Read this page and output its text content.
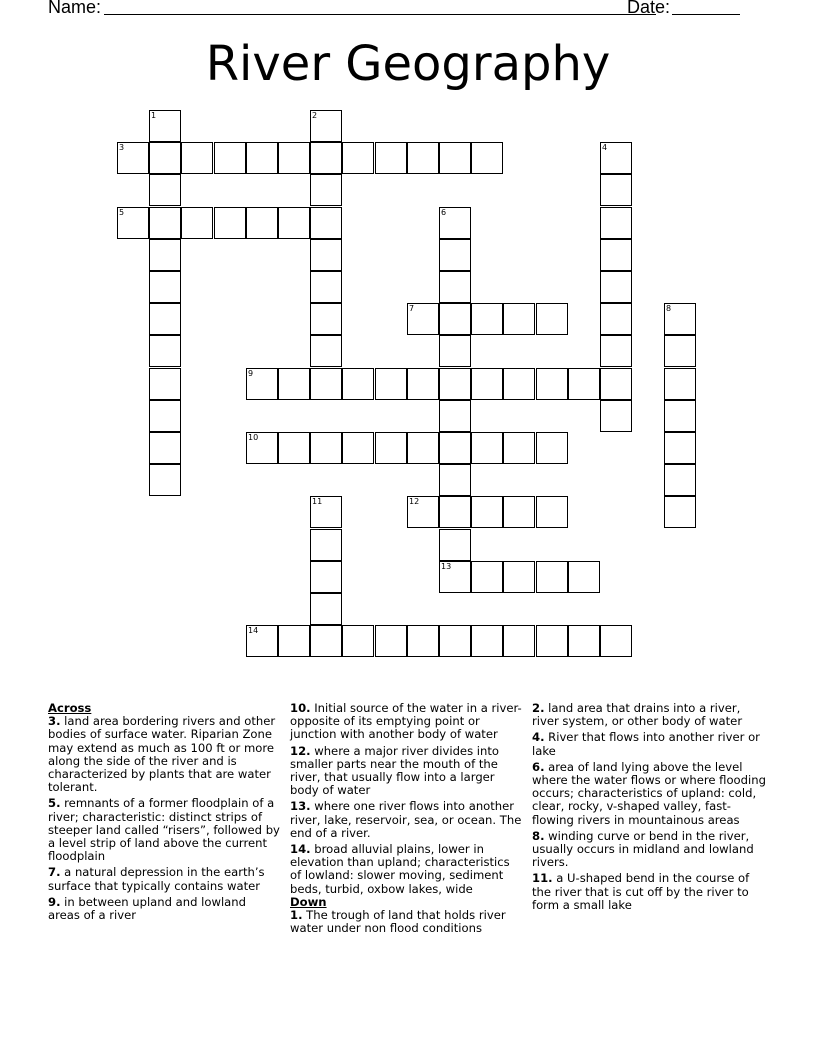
Name:	Date:
River Geography
1	2
3	4
5	6
7	8
9
10
11	12
13
14

Across

3. land area bordering rivers and other bodies of surface water. Riparian Zone may extend as much as 100 ft or more along the side of the river and is characterized by plants that are water tolerant.

5. remnants of a former floodplain of a river; characteristic: distinct strips of steeper land called “risers”, followed by a level strip of land above the current floodplain

7. a natural depression in the earth’s surface that typically contains water

9. in between upland and lowland areas of a river

10. Initial source of the water in a river- opposite of its emptying point or junction with another body of water

12. where a major river divides into smaller parts near the mouth of the river, that usually flow into a larger body of water

13. where one river flows into another river, lake, reservoir, sea, or ocean. The end of a river.

14. broad alluvial plains, lower in elevation than upland; characteristics of lowland: slower moving, sediment beds, turbid, oxbow lakes, wide

Down

1. The trough of land that holds river water under non flood conditions

2. land area that drains into a river, river system, or other body of water

4. River that flows into another river or lake

6. area of land lying above the level where the water flows or where flooding occurs; characteristics of upland: cold, clear, rocky, v-shaped valley, fast-flowing rivers in mountainous areas

8. winding curve or bend in the river, usually occurs in midland and lowland rivers.

11. a U-shaped bend in the course of the river that is cut off by the river to form a small lake
